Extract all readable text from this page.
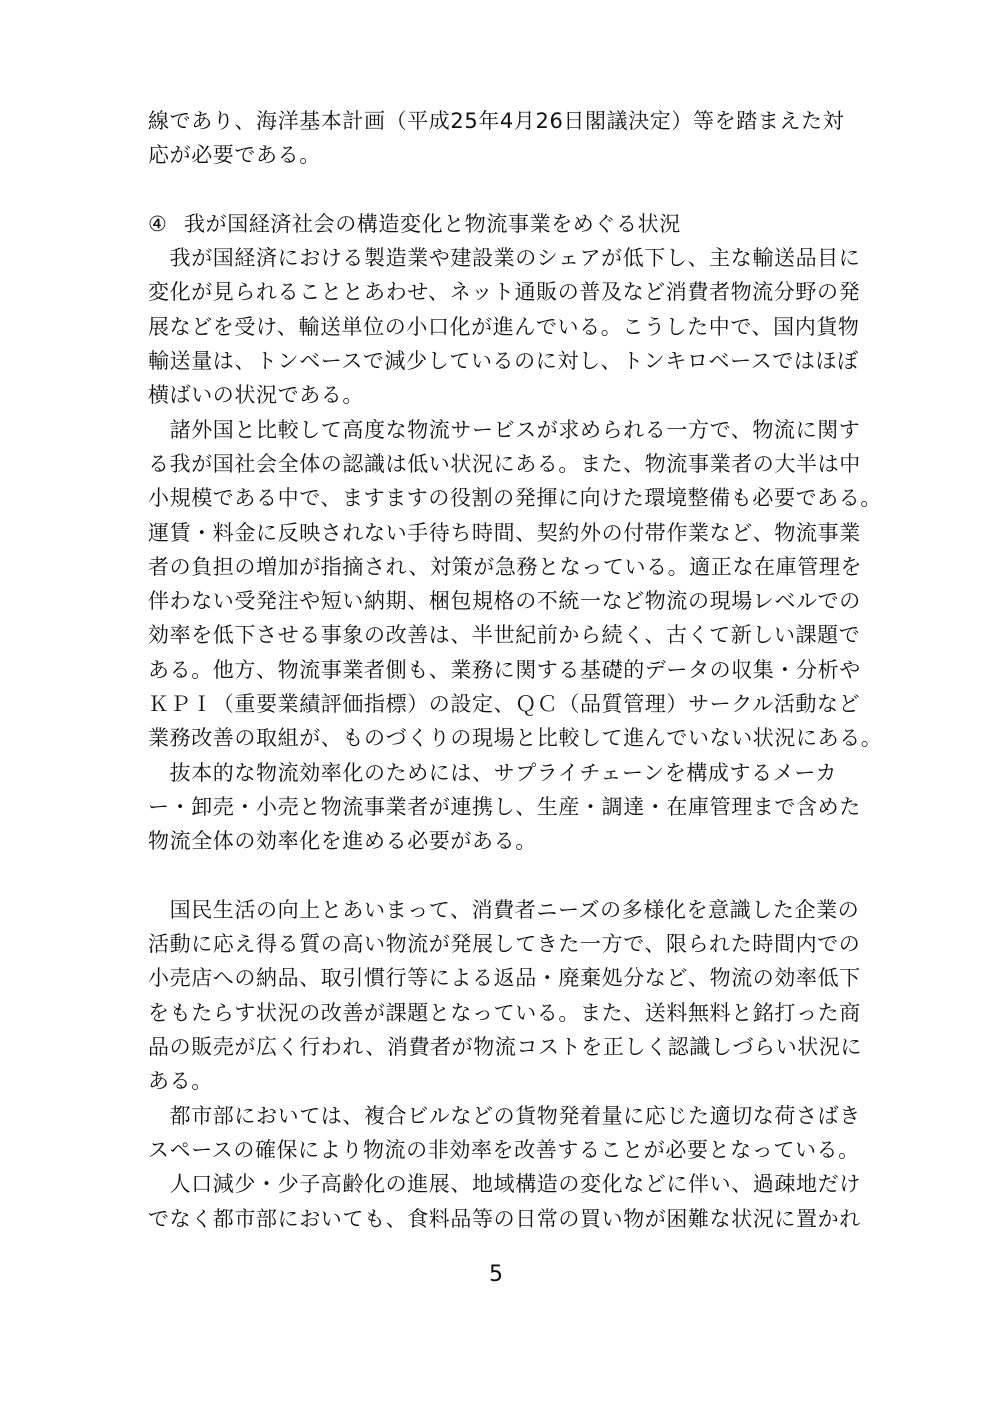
線であり、海洋基本計画（平成25年4月26日閣議決定）等を踏まえた対
応が必要である。
④ 我が国経済社会の構造変化と物流事業をめぐる状況
　我が国経済における製造業や建設業のシェアが低下し、主な輸送品目に
変化が見られることとあわせ、ネット通販の普及など消費者物流分野の発
展などを受け、輸送単位の小口化が進んでいる。こうした中で、国内貨物
輸送量は、トンベースで減少しているのに対し、トンキロベースではほぼ
横ばいの状況である。
　諸外国と比較して高度な物流サービスが求められる一方で、物流に関す
る我が国社会全体の認識は低い状況にある。また、物流事業者の大半は中
小規模である中で、ますますの役割の発揮に向けた環境整備も必要である。
運賃・料金に反映されない手待ち時間、契約外の付帯作業など、物流事業
者の負担の増加が指摘され、対策が急務となっている。適正な在庫管理を
伴わない受発注や短い納期、梱包規格の不統一など物流の現場レベルでの
効率を低下させる事象の改善は、半世紀前から続く、古くて新しい課題で
ある。他方、物流事業者側も、業務に関する基礎的データの収集・分析や
ＫＰＩ（重要業績評価指標）の設定、ＱＣ（品質管理）サークル活動など
業務改善の取組が、ものづくりの現場と比較して進んでいない状況にある。
　抜本的な物流効率化のためには、サプライチェーンを構成するメーカ
ー・卸売・小売と物流事業者が連携し、生産・調達・在庫管理まで含めた
物流全体の効率化を進める必要がある。
　国民生活の向上とあいまって、消費者ニーズの多様化を意識した企業の
活動に応え得る質の高い物流が発展してきた一方で、限られた時間内での
小売店への納品、取引慣行等による返品・廃棄処分など、物流の効率低下
をもたらす状況の改善が課題となっている。また、送料無料と銘打った商
品の販売が広く行われ、消費者が物流コストを正しく認識しづらい状況に
ある。
　都市部においては、複合ビルなどの貨物発着量に応じた適切な荷さばき
スペースの確保により物流の非効率を改善することが必要となっている。
　人口減少・少子高齢化の進展、地域構造の変化などに伴い、過疎地だけ
でなく都市部においても、食料品等の日常の買い物が困難な状況に置かれ
5
